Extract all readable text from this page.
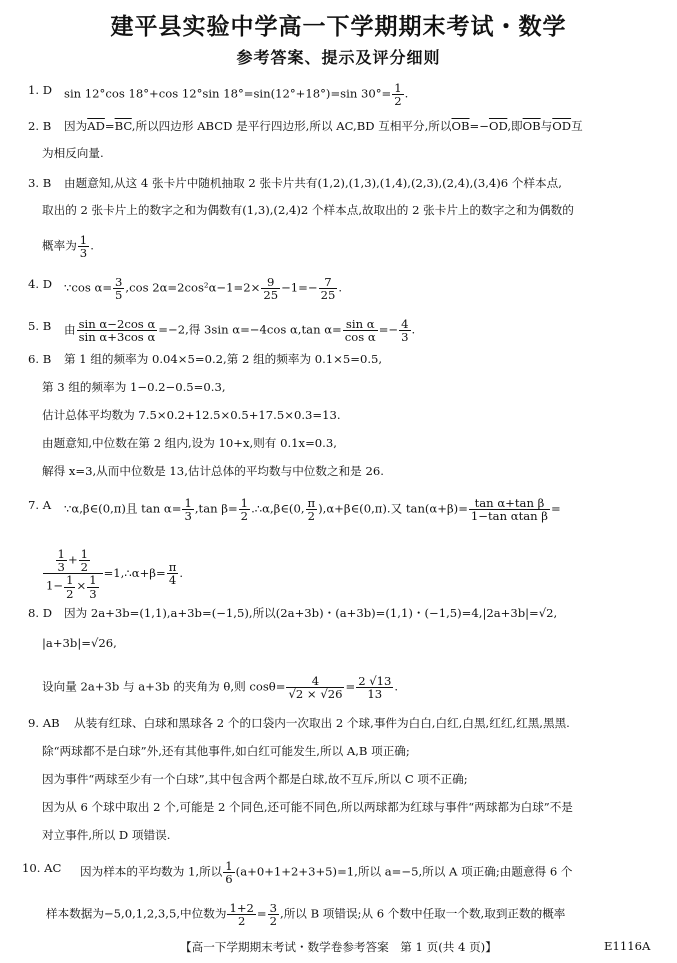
建平县实验中学高一下学期期末考试・数学
参考答案、提示及评分细则
1. D sin 12°cos 18°+cos 12°sin 18°=sin(12°+18°)=sin $30^\circ= \frac{1}{2}$ .
2. B 因为$\overline{AD}=\overline{BC}$,所以四边形 ABCD 是平行四边形,所以 AC,BD 互相平分,所以$\overline{OB}=-\overline{OD}$,即$\overline{OB}$与$\overline{OD}$互
为相反向量.
3. B 由题意知,从这 4 张卡片中随机抽取 2 张卡片共有(1,2),(1,3),(1,4),(2,3),(2,4),(3,4)6 个样本点,
取出的 2 张卡片上的数字之和为偶数有(1,3),(2,4)2 个样本点,故取出的 2 张卡片上的数字之和为偶数的
概率为 $\frac{1}{3}$ .
4. D ∵cos $\alpha= \frac{3}{5} ,\cos$ $2\alpha=2\cos^2\alpha-1=2\times \frac{9}{25} -1=- \frac{7}{25}$ .
5. B 由 $\frac{\text{sin α−2cos α}}{\text{sin α+3cos α}} =-2$,得 3sin α=−4cos α,tan $\alpha= \frac{\text{sin α}}{\text{cos α}} =- \frac{4}{3}$ .
6. B 第 1 组的频率为 0.04×5=0.2,第 2 组的频率为 0.1×5=0.5,
第 3 组的频率为 1−0.2−0.5=0.3,
估计总体平均数为 7.5×0.2+12.5×0.5+17.5×0.3=13.
由题意知,中位数在第 2 组内,设为 10+x,则有 0.1x=0.3,
解得 x=3,从而中位数是 13,估计总体的平均数与中位数之和是 26.
7. A ∵α,β∈(0,π)且 $\tan \alpha= \frac{1}{3} ,\tan$ $\beta= \frac{1}{2}$ .∴α,β∈(0, $\frac{\pi}{2}$ ),α+β∈(0,π).又 $\tan(\alpha+\beta)= \frac{\text{tan α+tan β}}{\text{1−tan αtan β}}$ =
$\frac{\frac{1}{3} + \frac{1}{2}}{1- \frac{1}{2} \times \frac{1}{3}}$ =1,∴α+β= $\frac{\pi}{4}$ .
8. D 因为 2a+3b=(1,1),a+3b=(−1,5),所以(2a+3b)・(a+3b)=(1,1)・(−1,5)=4,|2a+3b|=√2,
|a+3b|=√26,
设向量 2a+3b 与 a+3b 的夹角为 θ,则 $\cos\theta= \frac{4}{√2 \times √26} = \frac{2 √13}{13}$ .
9. AB 从装有红球、白球和黑球各 2 个的口袋内一次取出 2 个球,事件为白白,白红,白黑,红红,红黑,黑黑.
除“两球都不是白球”外,还有其他事件,如白红可能发生,所以 A,B 项正确;
因为事件“两球至少有一个白球”,其中包含两个都是白球,故不互斥,所以 C 项不正确;
因为从 6 个球中取出 2 个,可能是 2 个同色,还可能不同色,所以两球都为红球与事件“两球都为白球”不是
对立事件,所以 D 项错误.
10. AC 因为样本的平均数为 1,所以 $\frac{1}{6} (a+0+1+2+3+5)=1$,所以 a=−5,所以 A 项正确;由题意得 6 个
样本数据为−5,0,1,2,3,5,中位数为 $\frac{1+2}{2} = \frac{3}{2}$ ,所以 B 项错误;从 6 个数中任取一个数,取到正数的概率
【高一下学期期末考试・数学卷参考答案　第 1 页(共 4 页)】	E1116A
